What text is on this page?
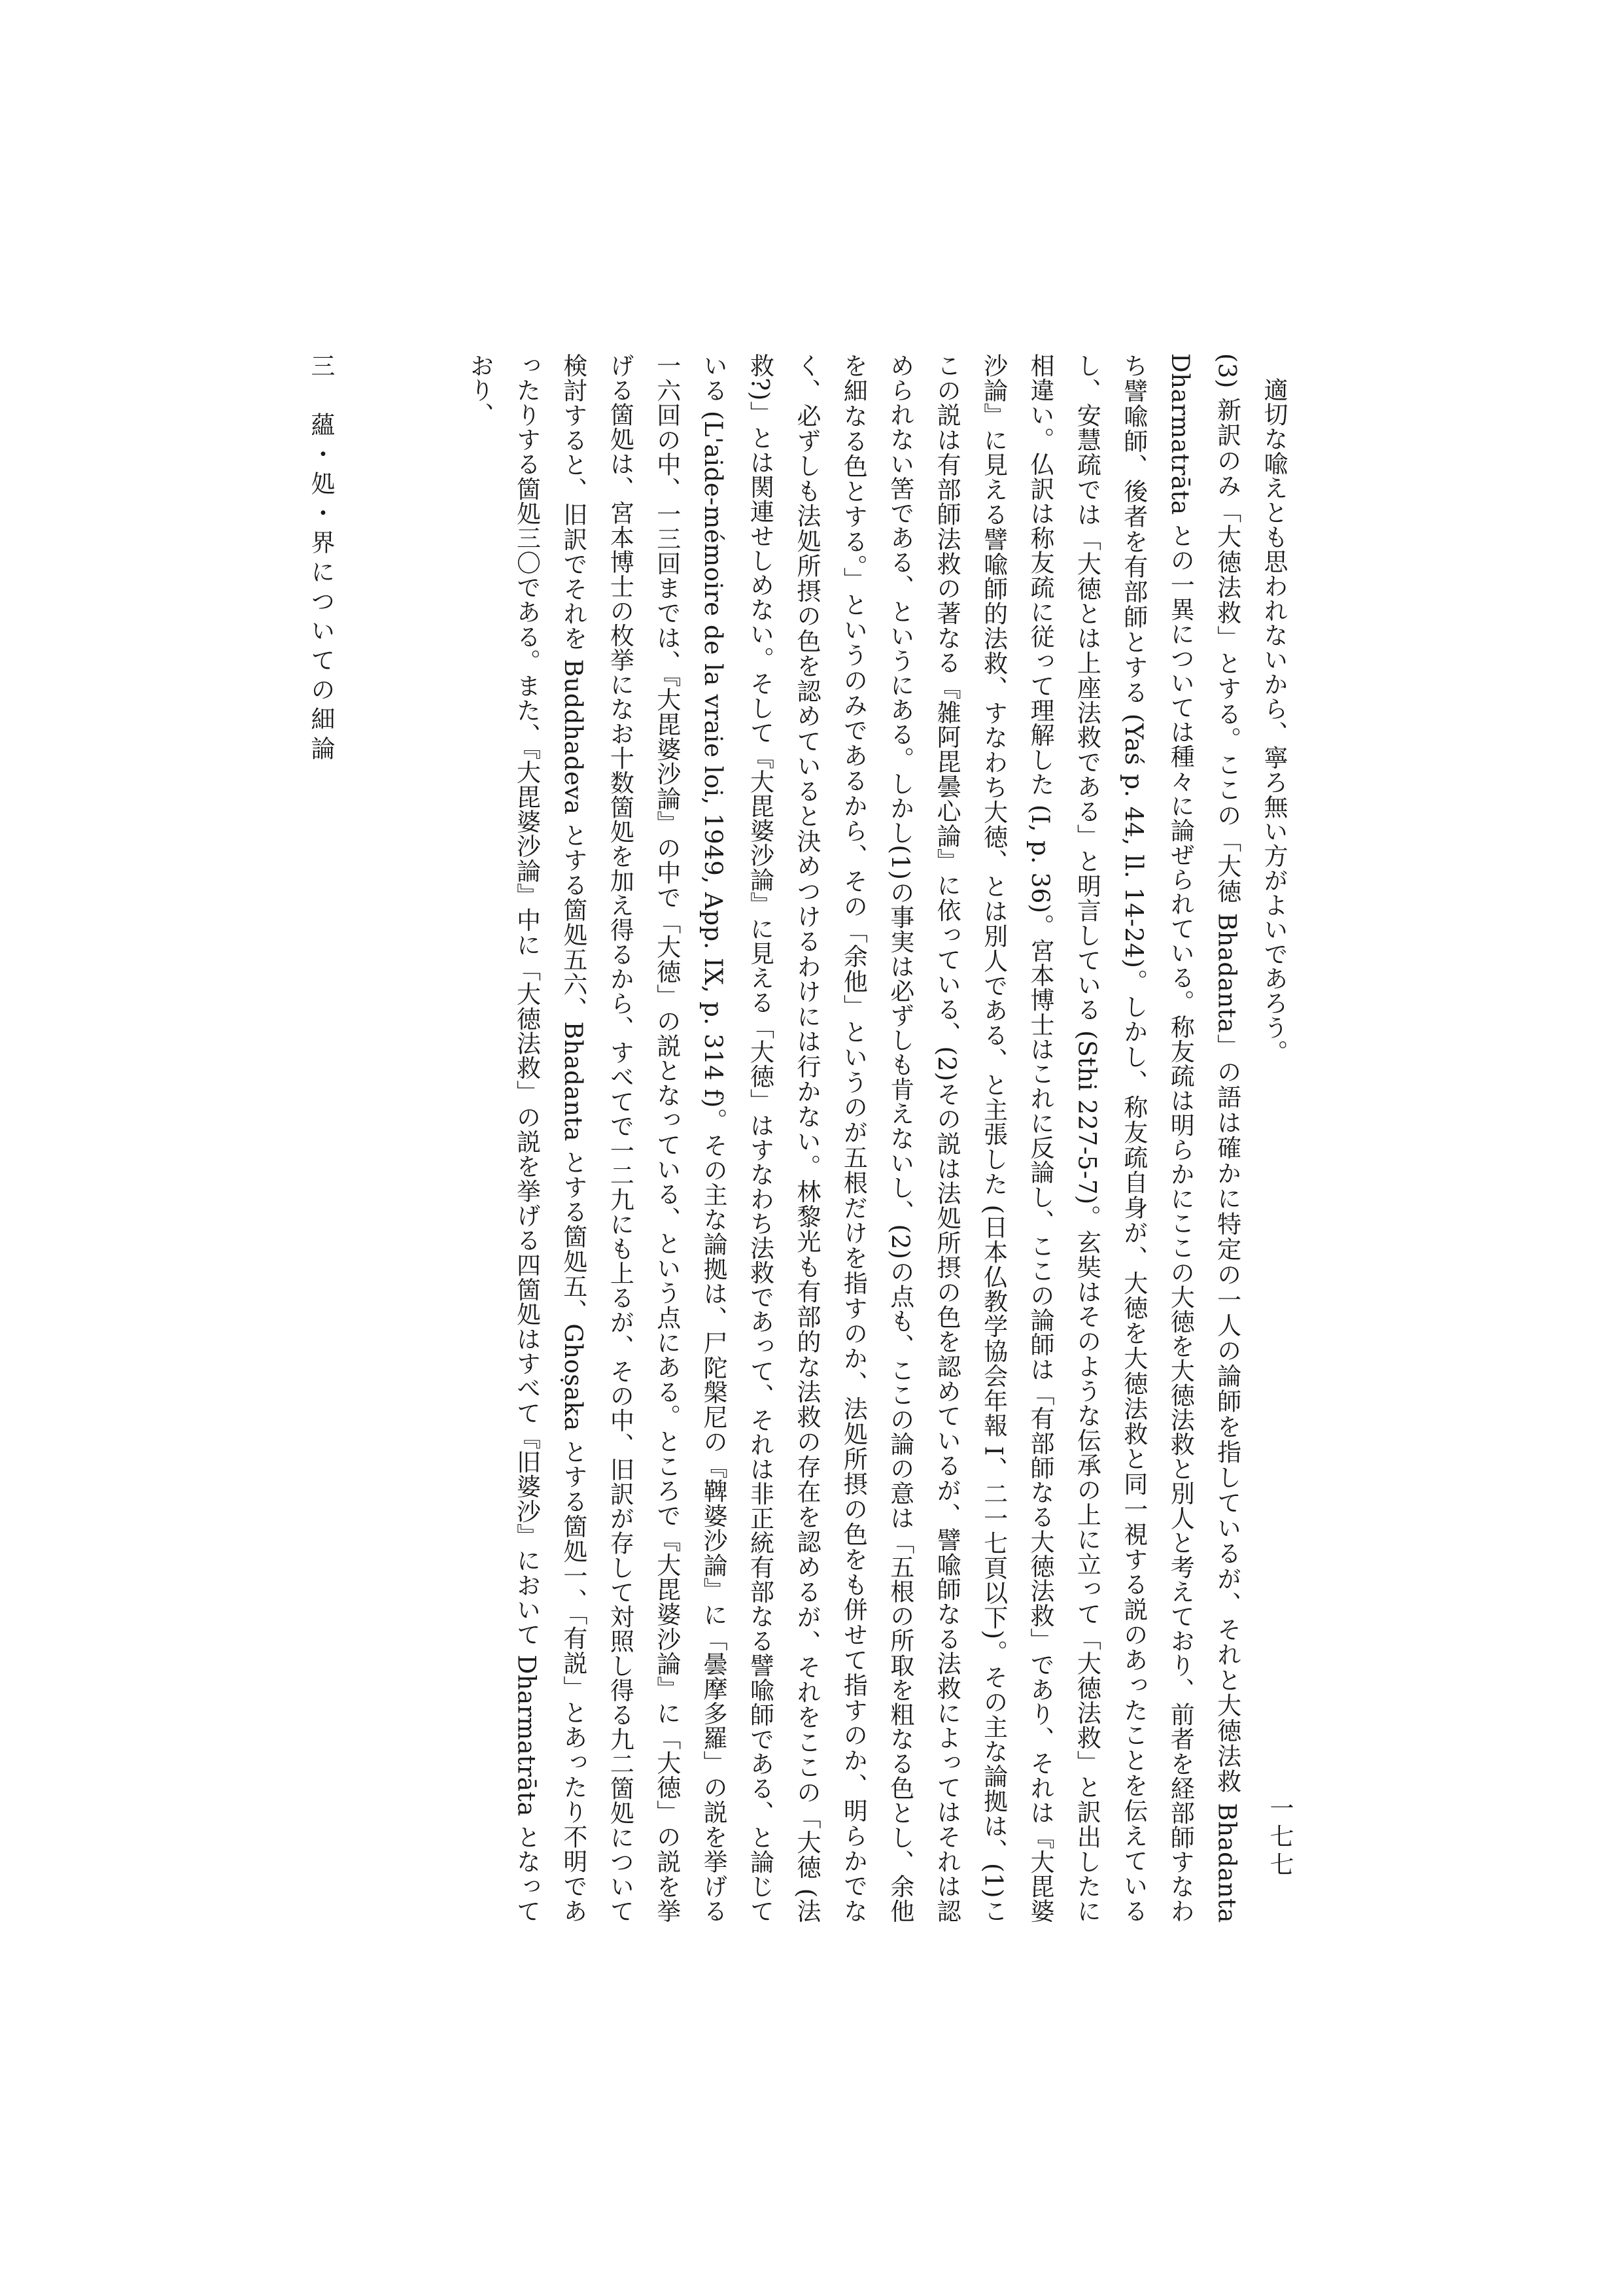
適切な喩えとも思われないから、寧ろ無い方がよいであろう。

(3) 新訳のみ「大徳法救」とする。ここの「大徳 Bhadanta」の語は確かに特定の一人の論師を指しているが、それと大徳法救 Bhadanta Dharmatrāta との一異については種々に論ぜられている。称友疏は明らかにここの大徳を大徳法救と別人と考えており、前者を経部師すなわち譬喩師、後者を有部師とする (Yaś p. 44, ll. 14-24)。しかし、称友疏自身が、大徳を大徳法救と同一視する説のあったことを伝えているし、安慧疏では「大徳とは上座法救である」と明言している (Sthi 227-5-7)。玄奘はそのような伝承の上に立って「大徳法救」と訳出したに相違い。仏訳は称友疏に従って理解した (I, p. 36)。宮本博士はこれに反論し、ここの論師は「有部師なる大徳法救」であり、それは『大毘婆沙論』に見える譬喩師的法救、すなわち大徳、とは別人である、と主張した (日本仏教学協会年報 I、二一七頁以下)。その主な論拠は、(1)ここの説は有部師法救の著なる『雑阿毘曇心論』に依っている、(2)その説は法処所摂の色を認めているが、譬喩師なる法救によってはそれは認められない筈である、というにある。しかし(1)の事実は必ずしも肯えないし、(2)の点も、ここの論の意は「五根の所取を粗なる色とし、余他を細なる色とする。」というのみであるから、その「余他」というのが五根だけを指すのか、法処所摂の色をも併せて指すのか、明らかでなく、必ずしも法処所摂の色を認めていると決めつけるわけには行かない。林黎光も有部的な法救の存在を認めるが、それをここの「大徳 (法救?)」とは関連せしめない。そして『大毘婆沙論』に見える「大徳」はすなわち法救であって、それは非正統有部なる譬喩師である、と論じている (L'aide-mémoire de la vraie loi, 1949, App. IX, p. 314 f)。その主な論拠は、尸陀槃尼の『鞞婆沙論』に「曇摩多羅」の説を挙げる一六回の中、一三回までは、『大毘婆沙論』の中で「大徳」の説となっている、という点にある。ところで『大毘婆沙論』に「大徳」の説を挙げる箇処は、宮本博士の枚挙になお十数箇処を加え得るから、すべてで一二九にも上るが、その中、旧訳が存して対照し得る九二箇処について検討すると、旧訳でそれを Buddhadeva とする箇処五六、Bhadanta とする箇処五、Ghoṣaka とする箇処一、「有説」とあったり不明であったりする箇処三〇である。また、『大毘婆沙論』中に「大徳法救」の説を挙げる四箇処はすべて『旧婆沙』において Dharmatrāta となっており、

一七七
三　蘊・処・界についての細論
